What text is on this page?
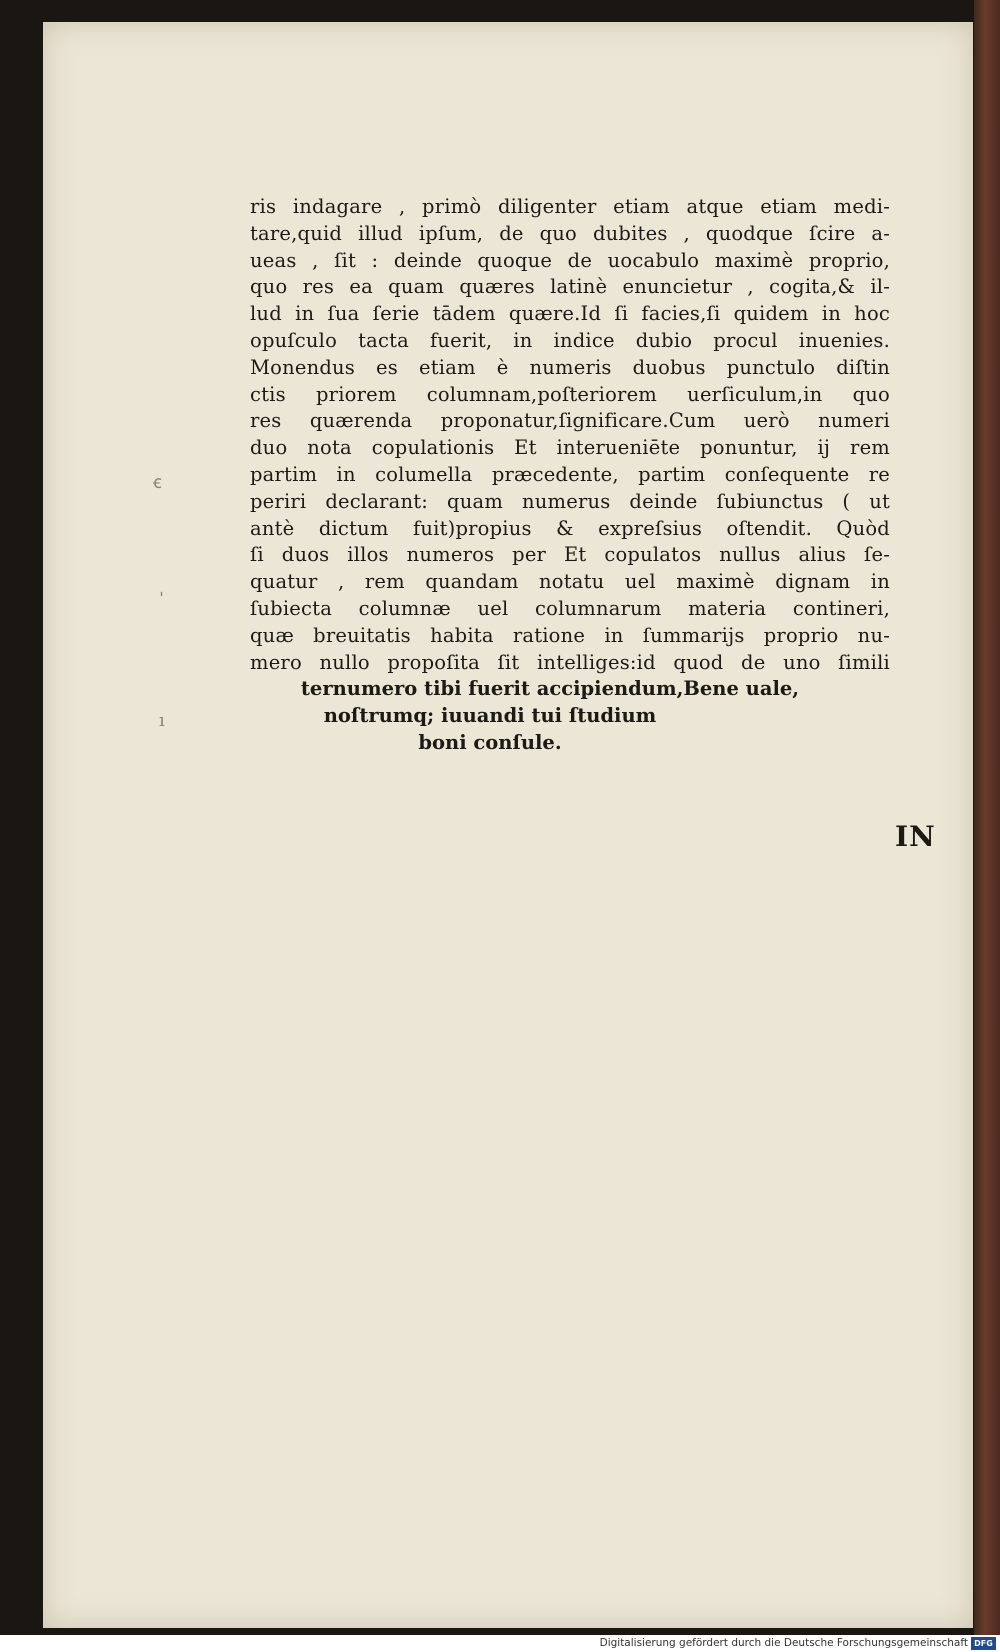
ꞓ
ˌ
ı
ris indagare , primò diligenter etiam atque etiam medi-
tare,quid illud ipſum, de quo dubites , quodque ſcire a-
ueas , ſit : deinde quoque de uocabulo maximè proprio,
quo res ea quam quæres latinè enuncietur , cogita,& il-
lud in ſua ſerie tādem quære.Id ſi facies,ſi quidem in hoc
opuſculo tacta fuerit, in indice dubio procul inuenies.
Monendus es etiam è numeris duobus punctulo diſtin
ctis priorem columnam,poſteriorem uerſiculum,in quo
res quærenda proponatur,ſignificare.Cum uerò numeri
duo nota copulationis Et interueniēte ponuntur, ij rem
partim in columella præcedente, partim conſequente re
periri declarant: quam numerus deinde ſubiunctus ( ut
antè dictum fuit)propius & expreſsius oſtendit. Quòd
ſi duos illos numeros per Et copulatos nullus alius ſe-
quatur , rem quandam notatu uel maximè dignam in
ſubiecta columnæ uel columnarum materia contineri,
quæ breuitatis habita ratione in ſummarijs proprio nu-
mero nullo propoſita ſit intelliges:id quod de uno ſimili
ternumero tibi fuerit accipiendum,Bene uale,
noſtrumq; iuuandi tui ſtudium
boni conſule.
IN
Digitalisierung gefördert durch die Deutsche Forschungsgemeinschaft DFG
